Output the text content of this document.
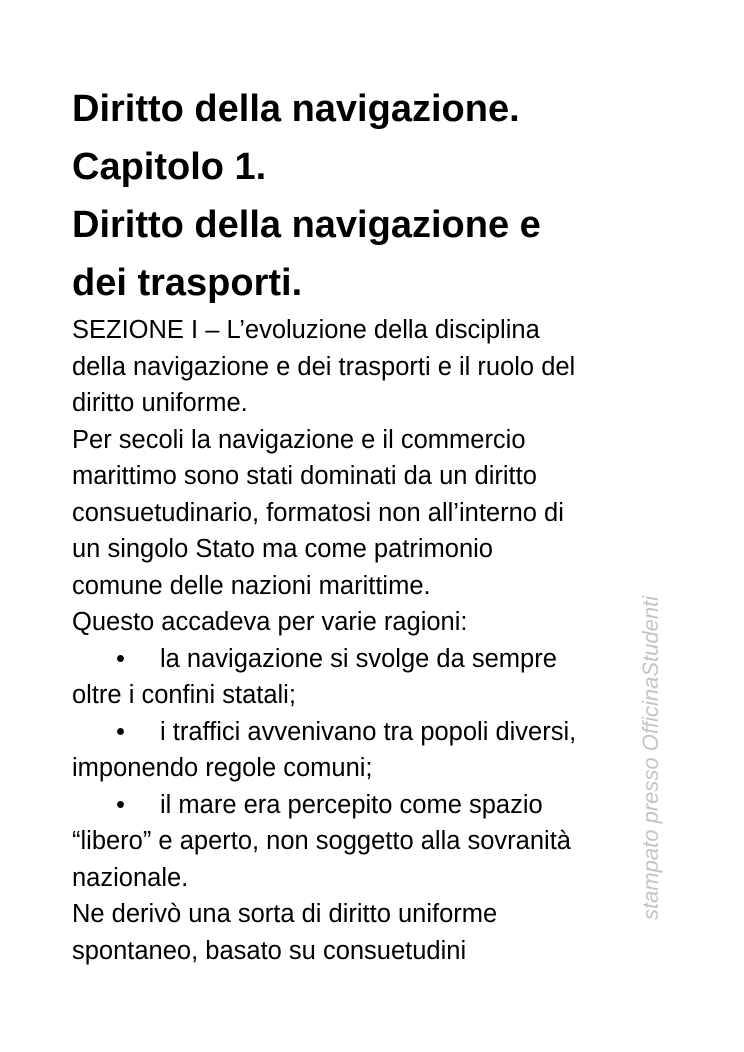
Diritto della navigazione.

Capitolo 1.

Diritto della navigazione e

dei trasporti.

SEZIONE I – L’evoluzione della disciplina

della navigazione e dei trasporti e il ruolo del

diritto uniforme.

Per secoli la navigazione e il commercio

marittimo sono stati dominati da un diritto

consuetudinario, formatosi non all’interno di

un singolo Stato ma come patrimonio

comune delle nazioni marittime.

Questo accadeva per varie ragioni:

• la navigazione si svolge da sempre

oltre i confini statali;

• i traffici avvenivano tra popoli diversi,

imponendo regole comuni;

• il mare era percepito come spazio

“libero” e aperto, non soggetto alla sovranità

nazionale.

Ne derivò una sorta di diritto uniforme

spontaneo, basato su consuetudini

stampato presso OfficinaStudenti
